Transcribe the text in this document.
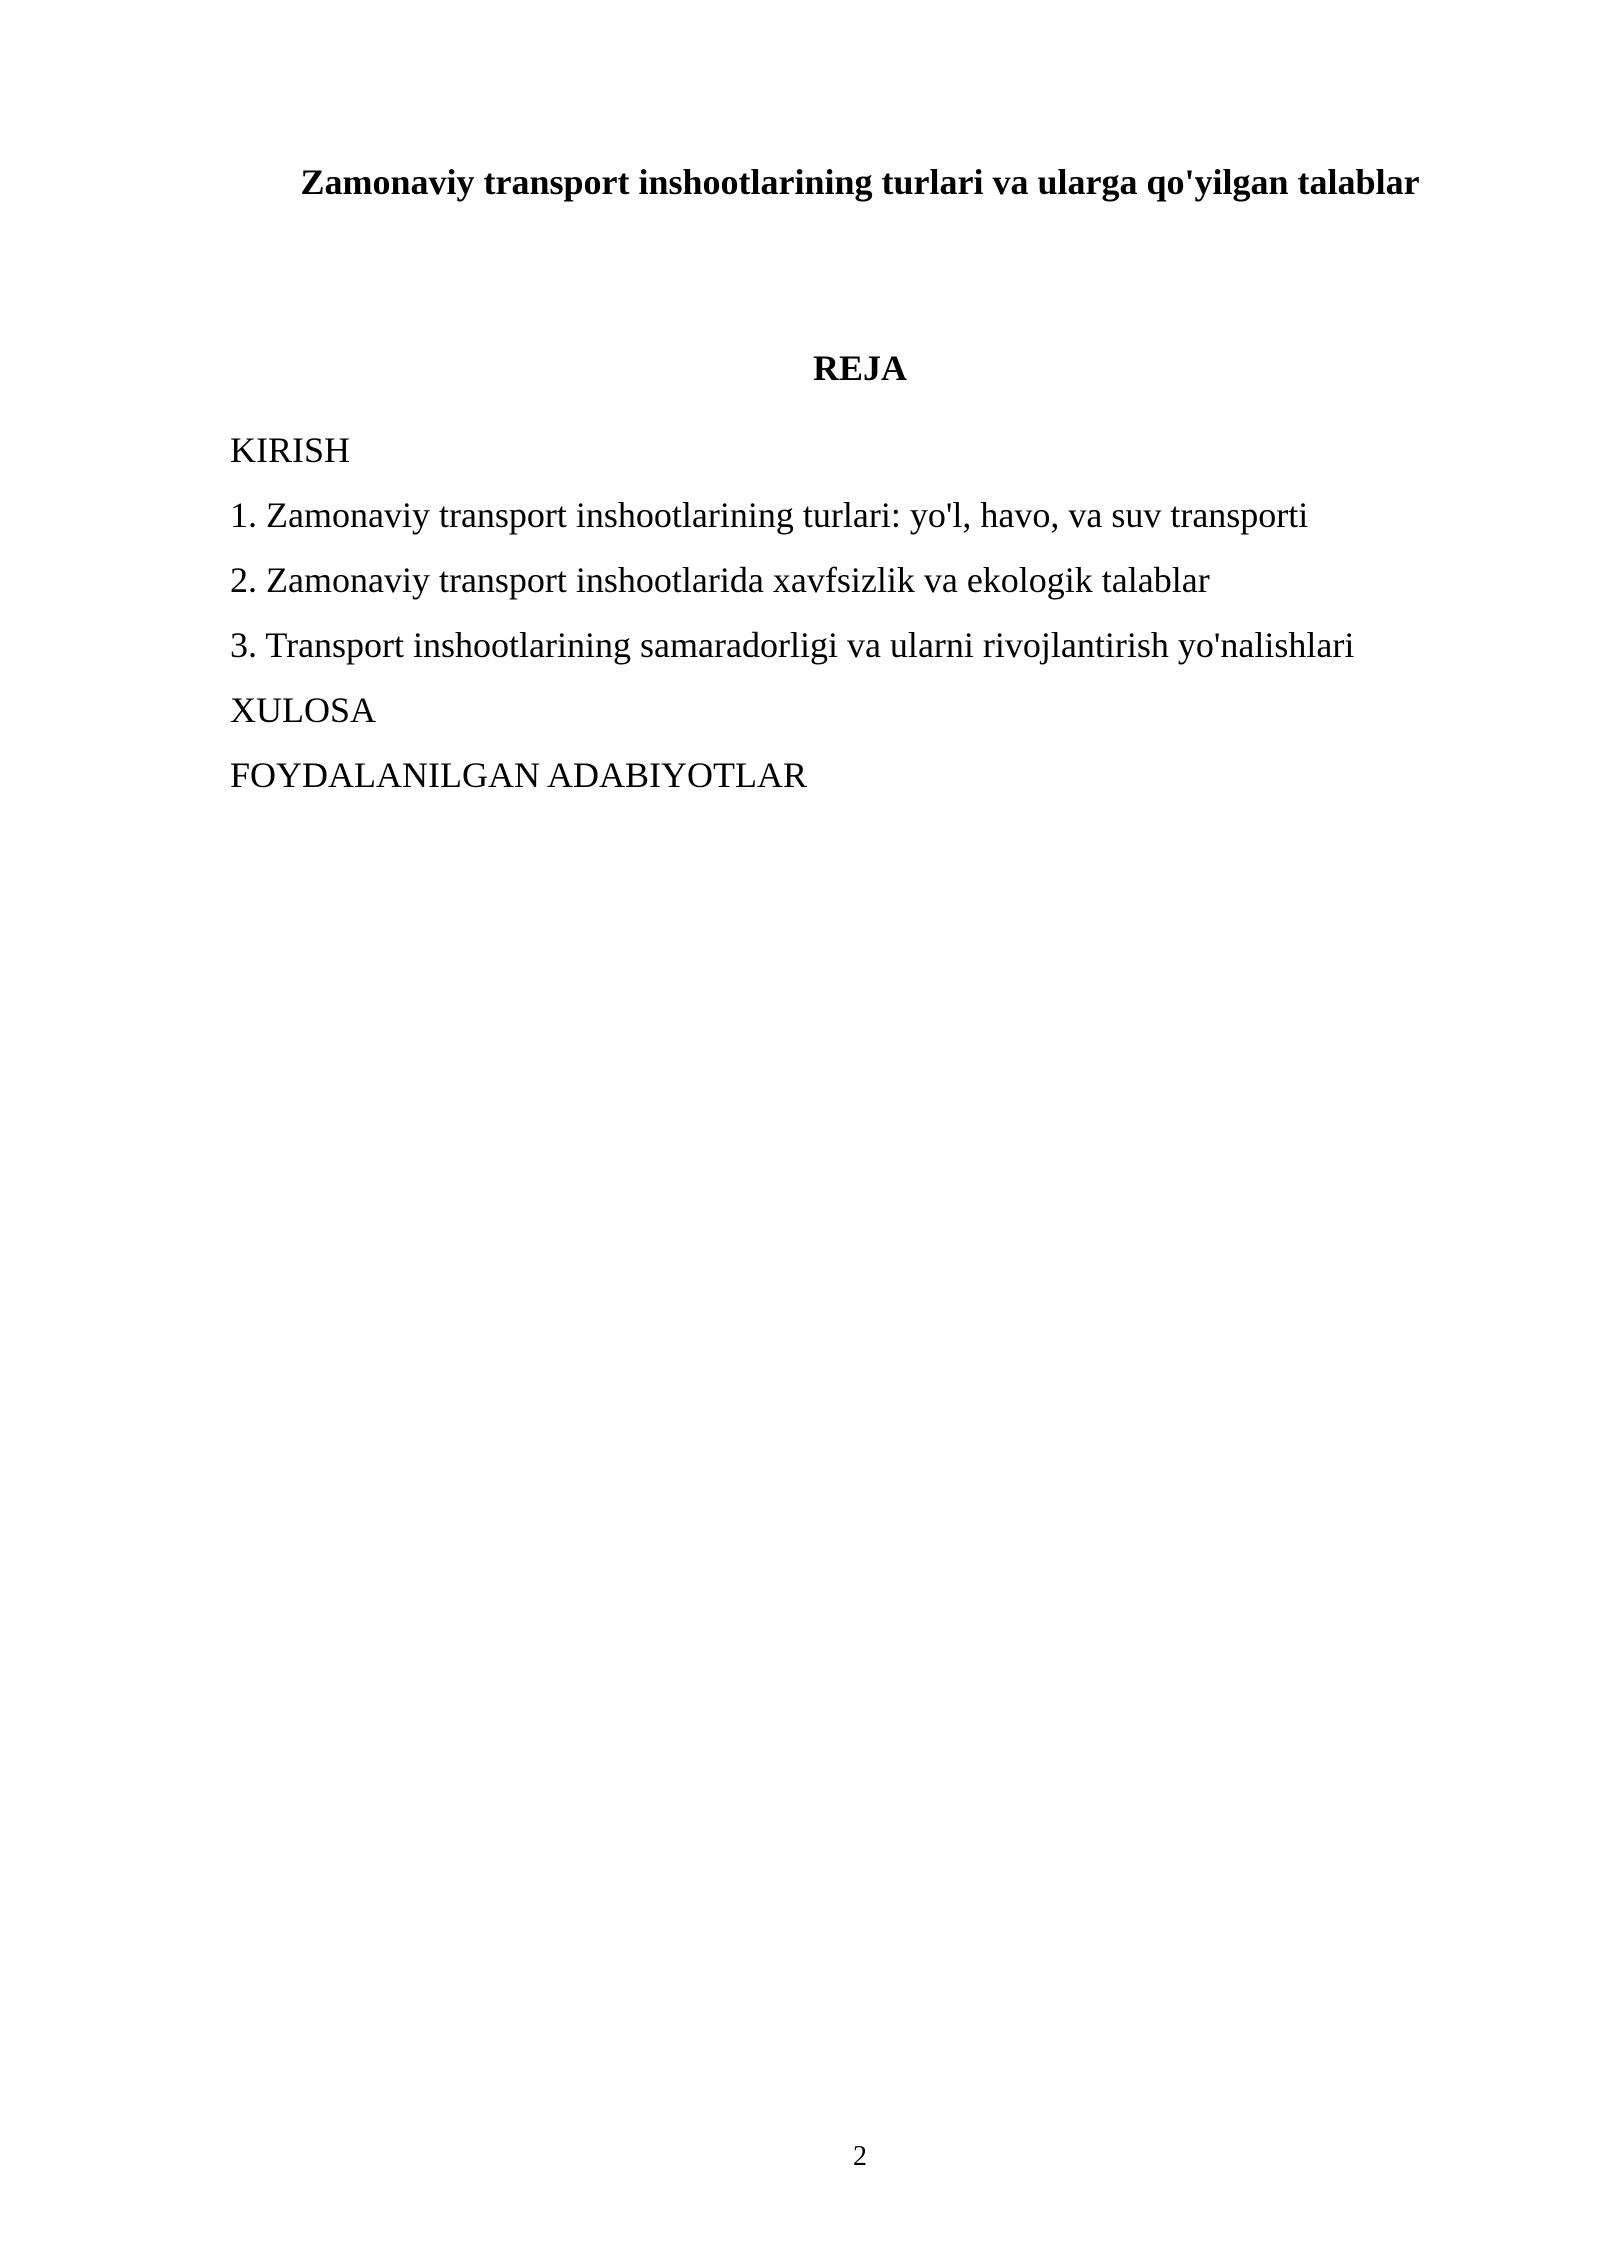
Zamonaviy transport inshootlarining turlari va ularga qo'yilgan talablar
REJA
KIRISH
1. Zamonaviy transport inshootlarining turlari: yo'l, havo, va suv transporti
2. Zamonaviy transport inshootlarida xavfsizlik va ekologik talablar
3. Transport inshootlarining samaradorligi va ularni rivojlantirish yo'nalishlari
XULOSA
FOYDALANILGAN ADABIYOTLAR
2
